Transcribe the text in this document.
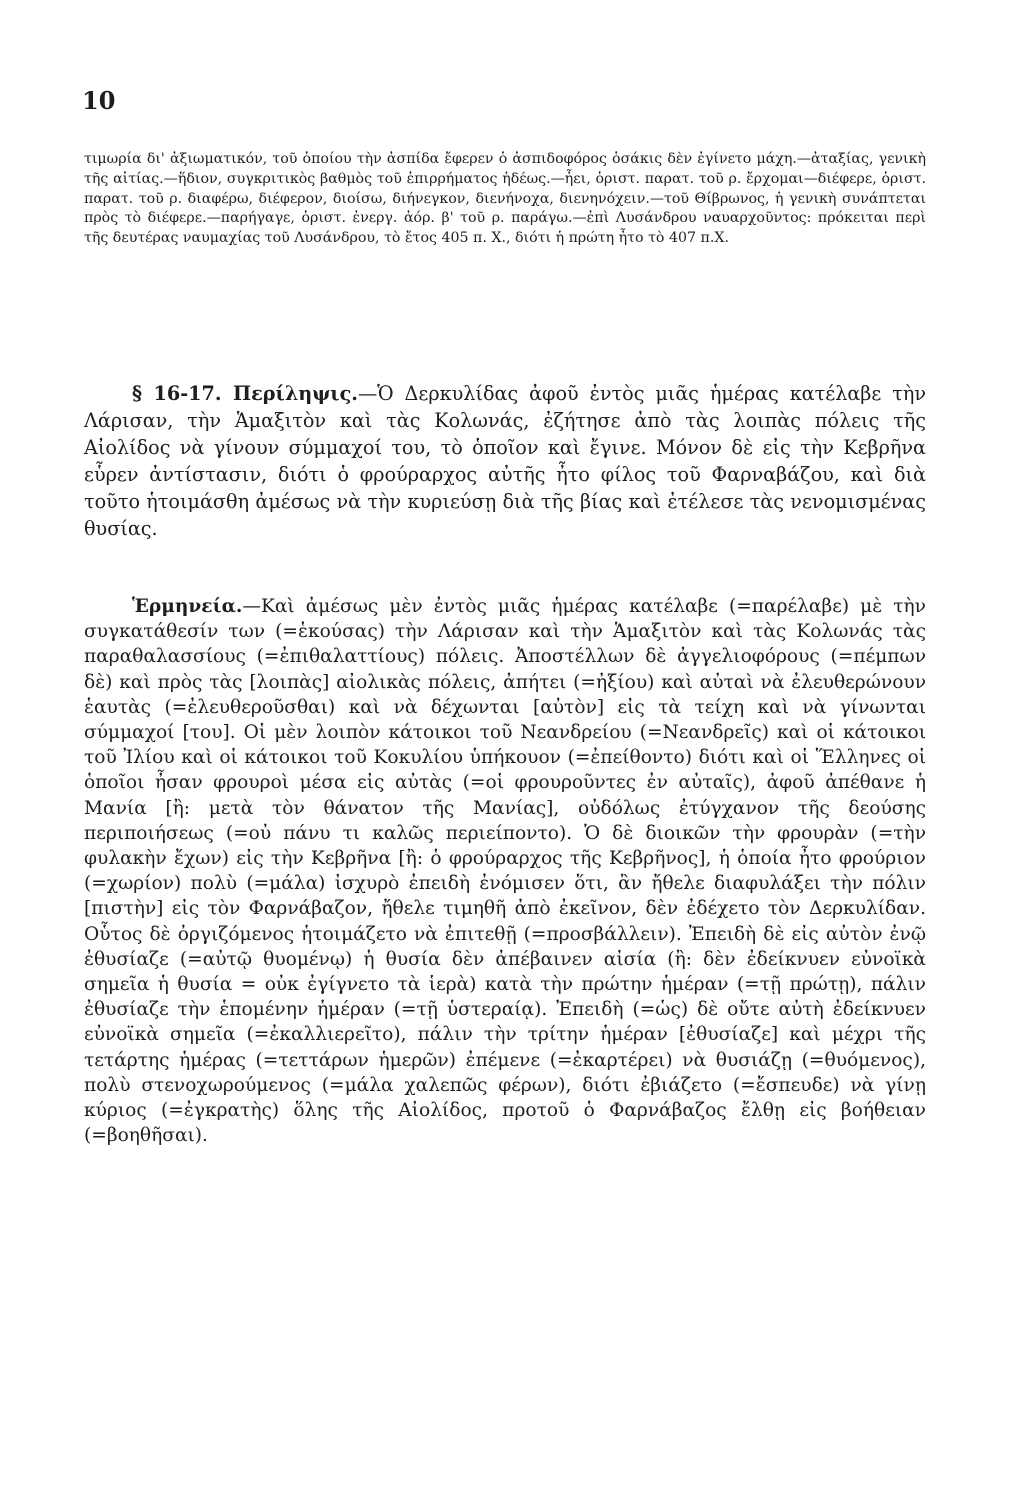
10

τιμωρία δι' ἀξιωματικόν, τοῦ ὁποίου τὴν ἀσπίδα ἔφερεν ὁ ἀσπιδοφόρος ὁσάκις δὲν ἐγίνετο μάχη.—ἀταξίας, γενικὴ τῆς αἰτίας.—ἥδιον, συγκριτικὸς βαθμὸς τοῦ ἐπιρρήματος ἡδέως.—ἧει, ὁριστ. παρατ. τοῦ ρ. ἔρχομαι—διέφερε, ὁριστ. παρατ. τοῦ ρ. διαφέρω, διέφερον, διοίσω, διήνεγκον, διενήνοχα, διενηνόχειν.—τοῦ Θίβρωνος, ἡ γενικὴ συνάπτεται πρὸς τὸ διέφερε.—παρήγαγε, ὁριστ. ἐνεργ. ἀόρ. β' τοῦ ρ. παράγω.—ἐπὶ Λυσάνδρου ναυαρχοῦντος: πρόκειται περὶ τῆς δευτέρας ναυμαχίας τοῦ Λυσάνδρου, τὸ ἔτος 405 π. Χ., διότι ἡ πρώτη ἦτο τὸ 407 π.Χ.

§ 16-17. Περίληψις.—Ὁ Δερκυλίδας ἀφοῦ ἐντὸς μιᾶς ἡμέρας κατέλαβε τὴν Λάρισαν, τὴν Ἁμαξιτὸν καὶ τὰς Κολωνάς, ἐζήτησε ἀπὸ τὰς λοιπὰς πόλεις τῆς Αἰολίδος νὰ γίνουν σύμμαχοί του, τὸ ὁποῖον καὶ ἔγινε. Μόνον δὲ εἰς τὴν Κεβρῆνα εὗρεν ἀντίστασιν, διότι ὁ φρούραρχος αὐτῆς ἦτο φίλος τοῦ Φαρναβάζου, καὶ διὰ τοῦτο ἡτοιμάσθη ἀμέσως νὰ τὴν κυριεύσῃ διὰ τῆς βίας καὶ ἐτέλεσε τὰς νενομισμένας θυσίας.

Ἑρμηνεία.—Καὶ ἀμέσως μὲν ἐντὸς μιᾶς ἡμέρας κατέλαβε (=παρέλαβε) μὲ τὴν συγκατάθεσίν των (=ἑκούσας) τὴν Λάρισαν καὶ τὴν Ἁμαξιτὸν καὶ τὰς Κολωνάς τὰς παραθαλασσίους (=ἐπιθαλαττίους) πόλεις. Ἀποστέλλων δὲ ἀγγελιοφόρους (=πέμπων δὲ) καὶ πρὸς τὰς [λοιπὰς] αἰολικὰς πόλεις, ἀπήτει (=ἠξίου) καὶ αὐταὶ νὰ ἐλευθερώνουν ἑαυτὰς (=ἐλευθεροῦσθαι) καὶ νὰ δέχωνται [αὐτὸν] εἰς τὰ τείχη καὶ νὰ γίνωνται σύμμαχοί [του]. Οἱ μὲν λοιπὸν κάτοικοι τοῦ Νεανδρείου (=Νεανδρεῖς) καὶ οἱ κάτοικοι τοῦ Ἰλίου καὶ οἱ κάτοικοι τοῦ Κοκυλίου ὑπήκουον (=ἐπείθοντο) διότι καὶ οἱ Ἕλληνες οἱ ὁποῖοι ἦσαν φρουροὶ μέσα εἰς αὐτὰς (=οἱ φρουροῦντες ἐν αὐταῖς), ἀφοῦ ἀπέθανε ἡ Μανία [ἢ: μετὰ τὸν θάνατον τῆς Μανίας], οὐδόλως ἐτύγχανον τῆς δεούσης περιποιήσεως (=οὐ πάνυ τι καλῶς περιείποντο). Ὁ δὲ διοικῶν τὴν φρουρὰν (=τὴν φυλακὴν ἔχων) εἰς τὴν Κεβρῆνα [ἢ: ὁ φρούραρχος τῆς Κεβρῆνος], ἡ ὁποία ἦτο φρούριον (=χωρίον) πολὺ (=μάλα) ἰσχυρὸ ἐπειδὴ ἐνόμισεν ὅτι, ἂν ἤθελε διαφυλάξει τὴν πόλιν [πιστὴν] εἰς τὸν Φαρνάβαζον, ἤθελε τιμηθῆ ἀπὸ ἐκεῖνον, δὲν ἐδέχετο τὸν Δερκυλίδαν. Οὗτος δὲ ὀργιζόμενος ἡτοιμάζετο νὰ ἐπιτεθῇ (=προσβάλλειν). Ἐπειδὴ δὲ εἰς αὐτὸν ἐνῷ ἐθυσίαζε (=αὐτῷ θυομένῳ) ἡ θυσία δὲν ἀπέβαινεν αἰσία (ἢ: δὲν ἐδείκνυεν εὐνοϊκὰ σημεῖα ἡ θυσία = οὐκ ἐγίγνετο τὰ ἱερὰ) κατὰ τὴν πρώτην ἡμέραν (=τῇ πρώτῃ), πάλιν ἐθυσίαζε τὴν ἑπομένην ἡμέραν (=τῇ ὑστεραίᾳ). Ἐπειδὴ (=ὡς) δὲ οὔτε αὐτὴ ἐδείκνυεν εὐνοϊκὰ σημεῖα (=ἐκαλλιερεῖτο), πάλιν τὴν τρίτην ἡμέραν [ἐθυσίαζε] καὶ μέχρι τῆς τετάρτης ἡμέρας (=τεττάρων ἡμερῶν) ἐπέμενε (=ἐκαρτέρει) νὰ θυσιάζῃ (=θυόμενος), πολὺ στενοχωρούμενος (=μάλα χαλεπῶς φέρων), διότι ἐβιάζετο (=ἔσπευδε) νὰ γίνῃ κύριος (=ἐγκρατὴς) ὅλης τῆς Αἰολίδος, προτοῦ ὁ Φαρνάβαζος ἔλθῃ εἰς βοήθειαν (=βοηθῆσαι).
